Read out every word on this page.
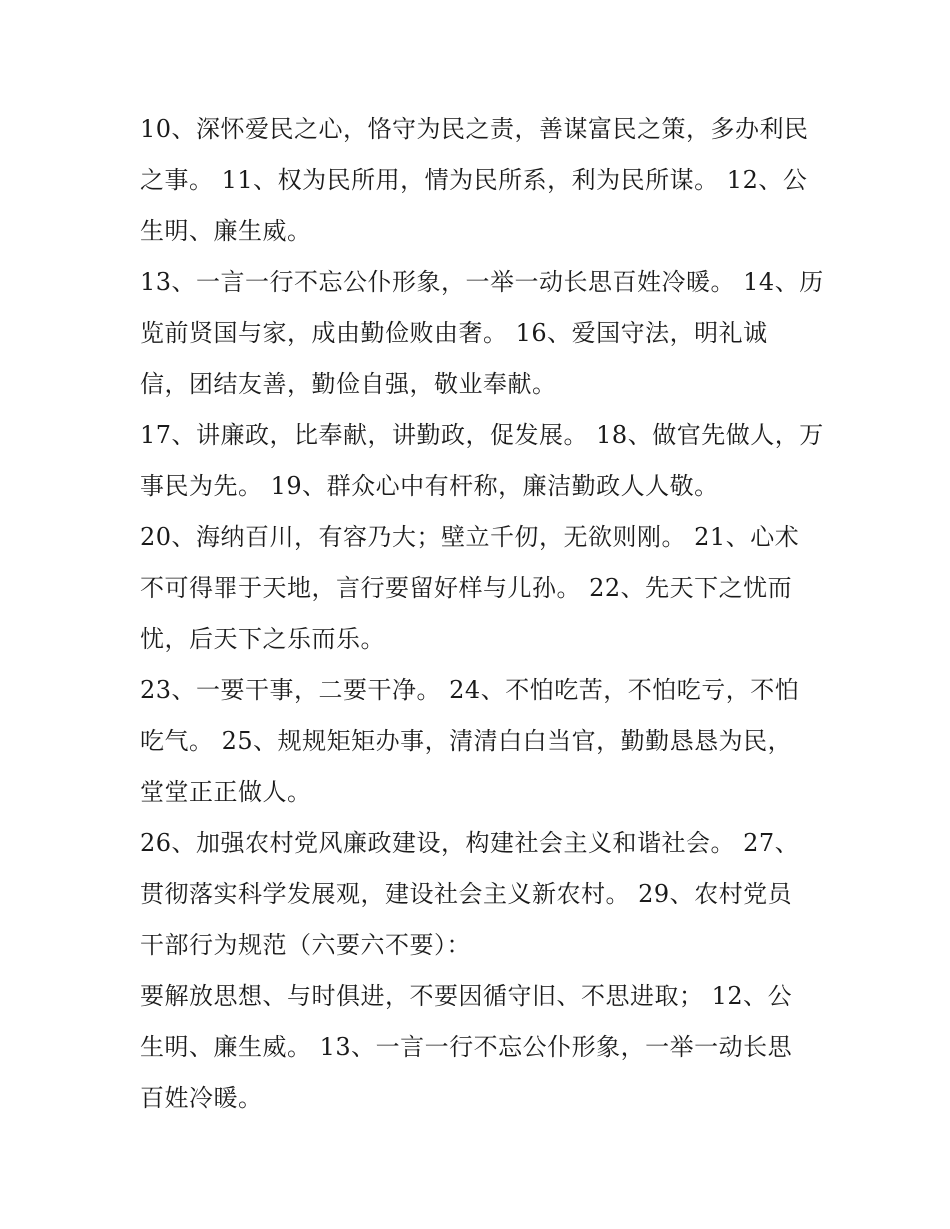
10、深怀爱民之心，恪守为民之责，善谋富民之策，多办利民
之事。 11、权为民所用，情为民所系，利为民所谋。 12、公
生明、廉生威。
13、一言一行不忘公仆形象，一举一动长思百姓冷暖。 14、历
览前贤国与家，成由勤俭败由奢。 16、爱国守法，明礼诚
信，团结友善，勤俭自强，敬业奉献。
17、讲廉政，比奉献，讲勤政，促发展。 18、做官先做人，万
事民为先。 19、群众心中有杆称，廉洁勤政人人敬。
20、海纳百川，有容乃大；壁立千仞，无欲则刚。 21、心术
不可得罪于天地，言行要留好样与儿孙。 22、先天下之忧而
忧，后天下之乐而乐。
23、一要干事，二要干净。 24、不怕吃苦，不怕吃亏，不怕
吃气。 25、规规矩矩办事，清清白白当官，勤勤恳恳为民，
堂堂正正做人。
26、加强农村党风廉政建设，构建社会主义和谐社会。 27、
贯彻落实科学发展观，建设社会主义新农村。 29、农村党员
干部行为规范（六要六不要）：
要解放思想、与时俱进，不要因循守旧、不思进取； 12、公
生明、廉生威。 13、一言一行不忘公仆形象，一举一动长思
百姓冷暖。
